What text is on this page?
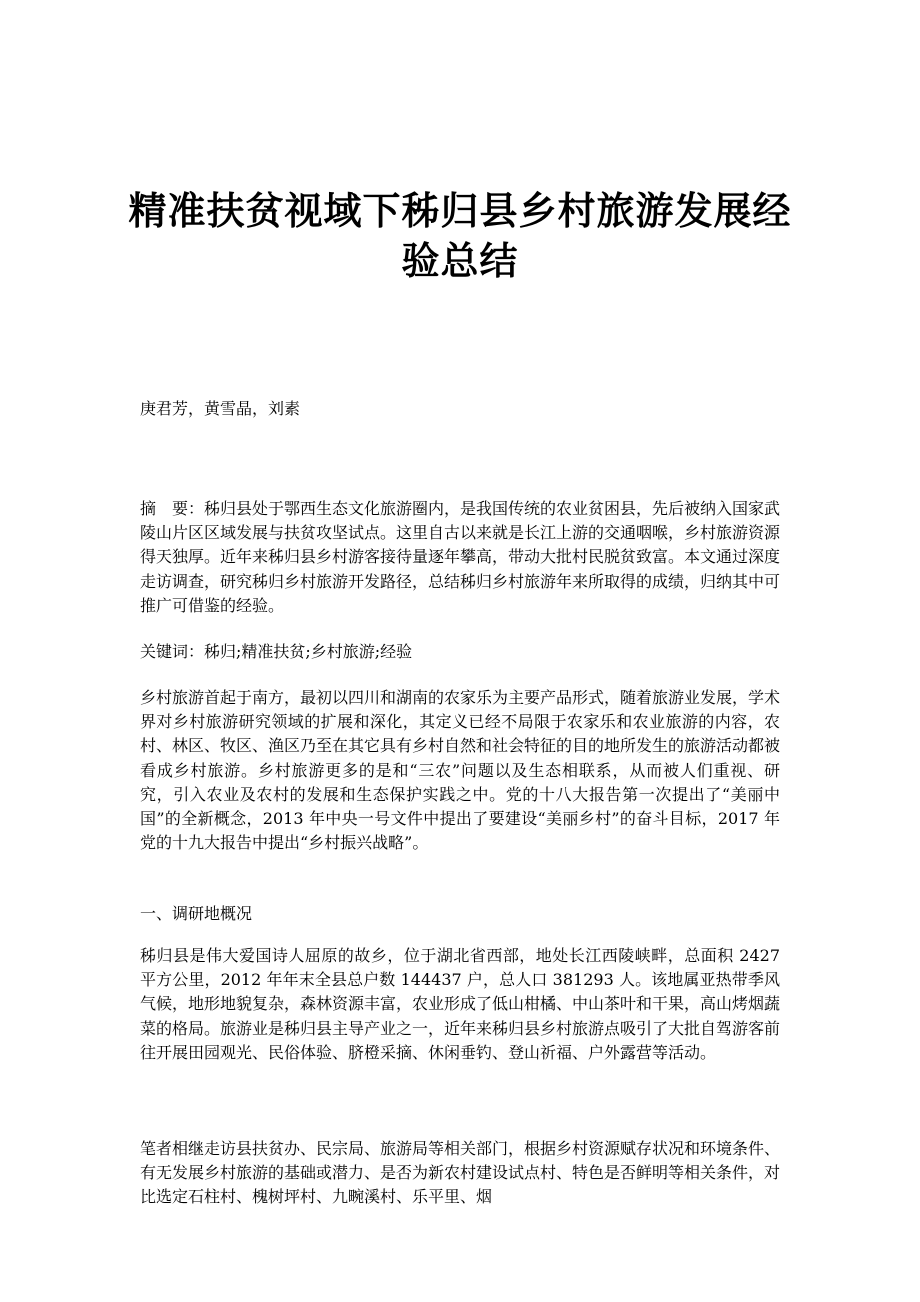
精准扶贫视域下秭归县乡村旅游发展经验总结

庚君芳，黄雪晶，刘素

摘　要：秭归县处于鄂西生态文化旅游圈内，是我国传统的农业贫困县，先后被纳入国家武陵山片区区域发展与扶贫攻坚试点。这里自古以来就是长江上游的交通咽喉，乡村旅游资源得天独厚。近年来秭归县乡村游客接待量逐年攀高，带动大批村民脱贫致富。本文通过深度走访调查，研究秭归乡村旅游开发路径，总结秭归乡村旅游年来所取得的成绩，归纳其中可推广可借鉴的经验。

关键词：秭归;精准扶贫;乡村旅游;经验

乡村旅游首起于南方，最初以四川和湖南的农家乐为主要产品形式，随着旅游业发展，学术界对乡村旅游研究领域的扩展和深化，其定义已经不局限于农家乐和农业旅游的内容，农村、林区、牧区、渔区乃至在其它具有乡村自然和社会特征的目的地所发生的旅游活动都被看成乡村旅游。乡村旅游更多的是和“三农”问题以及生态相联系，从而被人们重视、研究，引入农业及农村的发展和生态保护实践之中。党的十八大报告第一次提出了“美丽中国”的全新概念，2013 年中央一号文件中提出了要建设“美丽乡村”的奋斗目标，2017 年党的十九大报告中提出“乡村振兴战略”。

一、调研地概况

秭归县是伟大爱国诗人屈原的故乡，位于湖北省西部，地处长江西陵峡畔，总面积 2427 平方公里，2012 年年末全县总户数 144437 户，总人口 381293 人。该地属亚热带季风气候，地形地貌复杂，森林资源丰富，农业形成了低山柑橘、中山茶叶和干果，高山烤烟蔬菜的格局。旅游业是秭归县主导产业之一，近年来秭归县乡村旅游点吸引了大批自驾游客前往开展田园观光、民俗体验、脐橙采摘、休闲垂钓、登山祈福、户外露营等活动。

笔者相继走访县扶贫办、民宗局、旅游局等相关部门，根据乡村资源赋存状况和环境条件、有无发展乡村旅游的基础或潜力、是否为新农村建设试点村、特色是否鲜明等相关条件，对比选定石柱村、槐树坪村、九畹溪村、乐平里、烟
